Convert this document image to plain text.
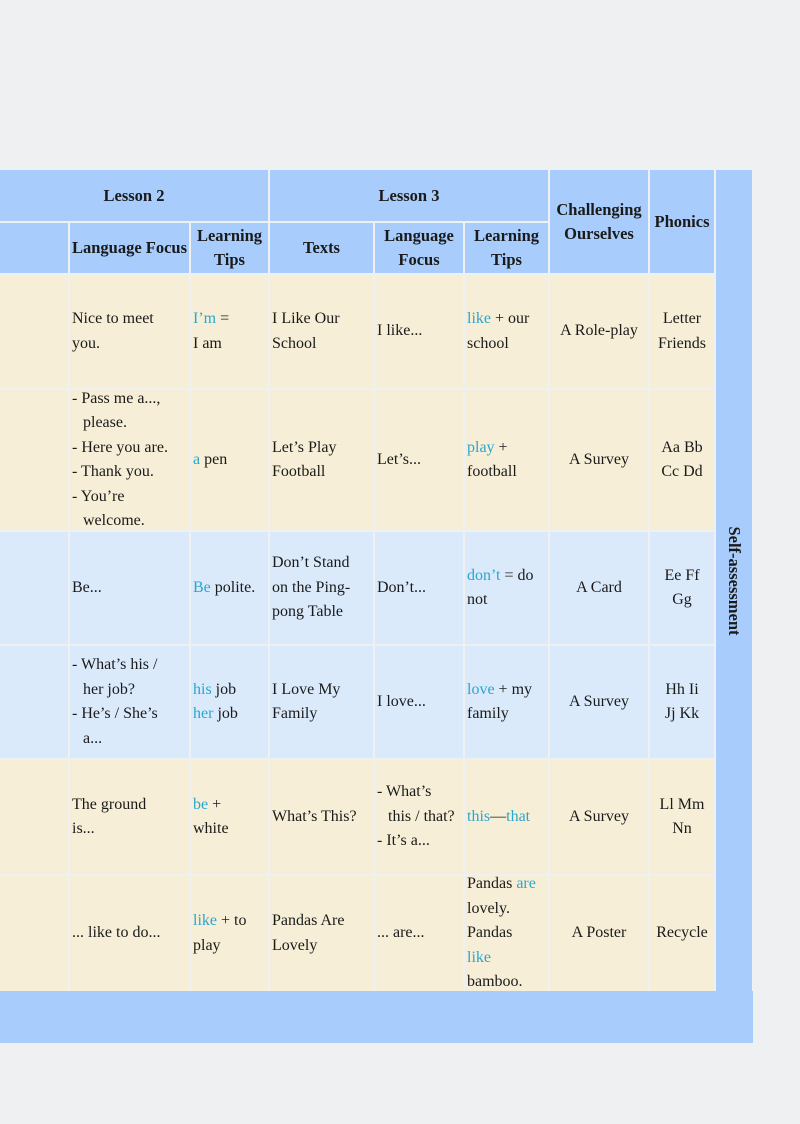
Lesson 2	Lesson 3
Challenging Ourselves
Phonics
Language Focus
Learning Tips
Texts
Language Focus
Learning Tips
Nice to meet
you.
I’m =
I am
I Like Our
School
I like...
like + our
school
A Role-play
Letter
Friends
- Pass me a...,
please.
- Here you are.
- Thank you.
- You’re
welcome.
a pen
Let’s Play
Football
Let’s...
play +
football
A Survey
Aa Bb
Cc Dd
Be...	Be polite.
Don’t Stand
on the Ping-
pong Table
Don’t...
don’t = do
not
A Card
Ee Ff
Gg
- What’s his /
her job?
- He’s / She’s
a...
his job
her job
I Love My
Family
I love...
love + my
family
A Survey
Hh Ii
Jj Kk
The ground
is...
be +
white
What’s This?
- What’s
this / that?
- It’s a...
this—that A Survey
Ll Mm
Nn
... like to do...
like + to
play
Pandas Are
Lovely
... are...
Pandas are
lovely.
Pandas
like
bamboo.
A Poster Recycle
Self-assessment
